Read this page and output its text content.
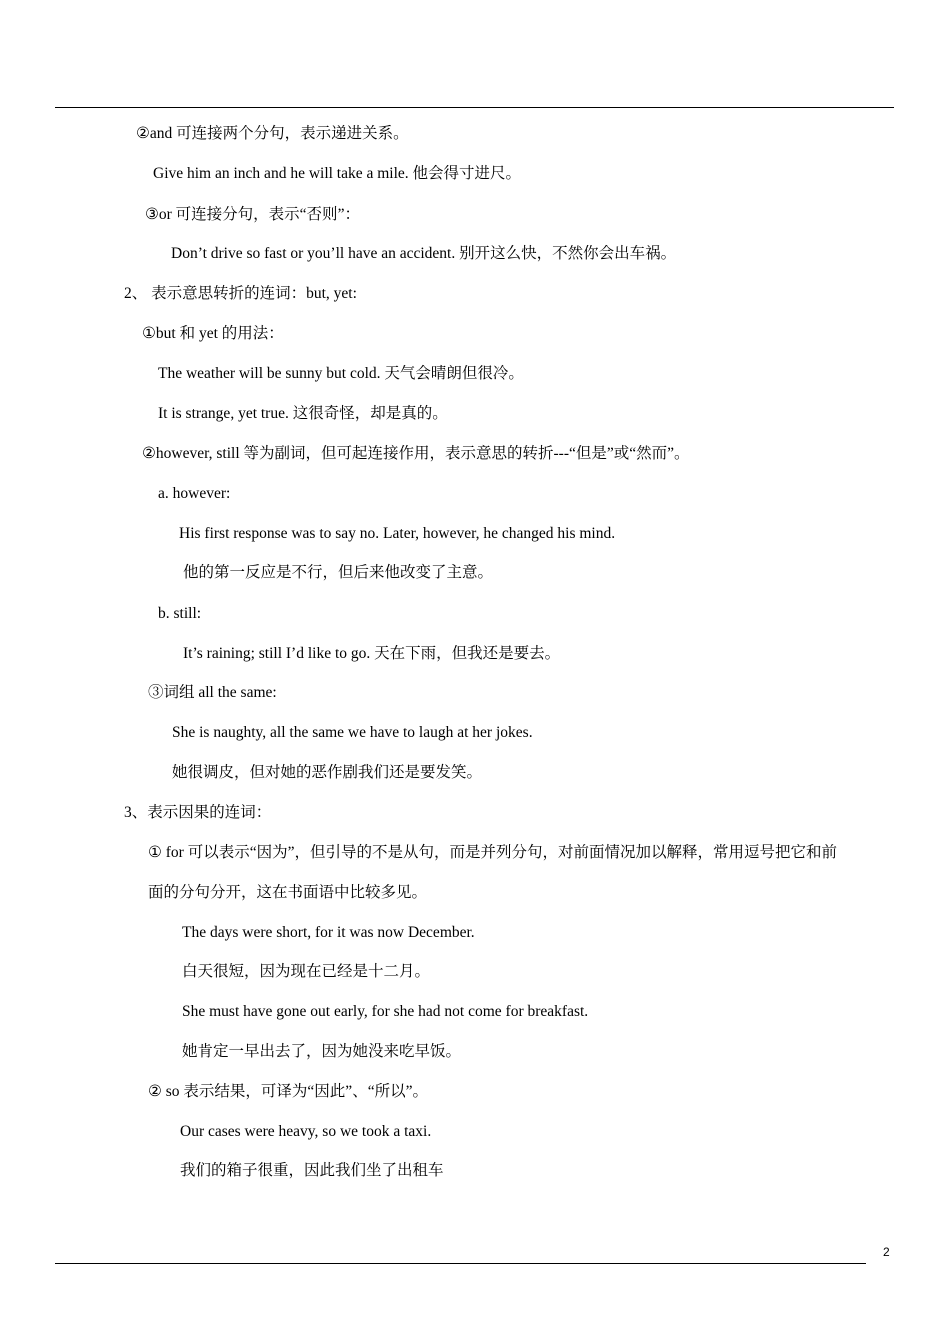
②and 可连接两个分句，表示递进关系。
Give him an inch and he will take a mile. 他会得寸进尺。
③or 可连接分句，表示“否则”：
Don’t drive so fast or you’ll have an accident. 别开这么快，不然你会出车祸。
2、 表示意思转折的连词：but, yet:
①but 和 yet 的用法：
The weather will be sunny but cold. 天气会晴朗但很冷。
It is strange, yet true. 这很奇怪，却是真的。
②however, still 等为副词，但可起连接作用，表示意思的转折---“但是”或“然而”。
a. however:
His first response was to say no. Later, however, he changed his mind.
他的第一反应是不行，但后来他改变了主意。
b. still:
It’s raining; still I’d like to go. 天在下雨，但我还是要去。
③词组 all the same:
She is naughty, all the same we have to laugh at her jokes.
她很调皮，但对她的恶作剧我们还是要发笑。
3、表示因果的连词：
① for 可以表示“因为”，但引导的不是从句，而是并列分句，对前面情况加以解释，常用逗号把它和前
面的分句分开，这在书面语中比较多见。
The days were short, for it was now December.
白天很短，因为现在已经是十二月。
She must have gone out early, for she had not come for breakfast.
她肯定一早出去了，因为她没来吃早饭。
② so 表示结果，可译为“因此”、“所以”。
Our cases were heavy, so we took a taxi.
我们的箱子很重，因此我们坐了出租车
2
